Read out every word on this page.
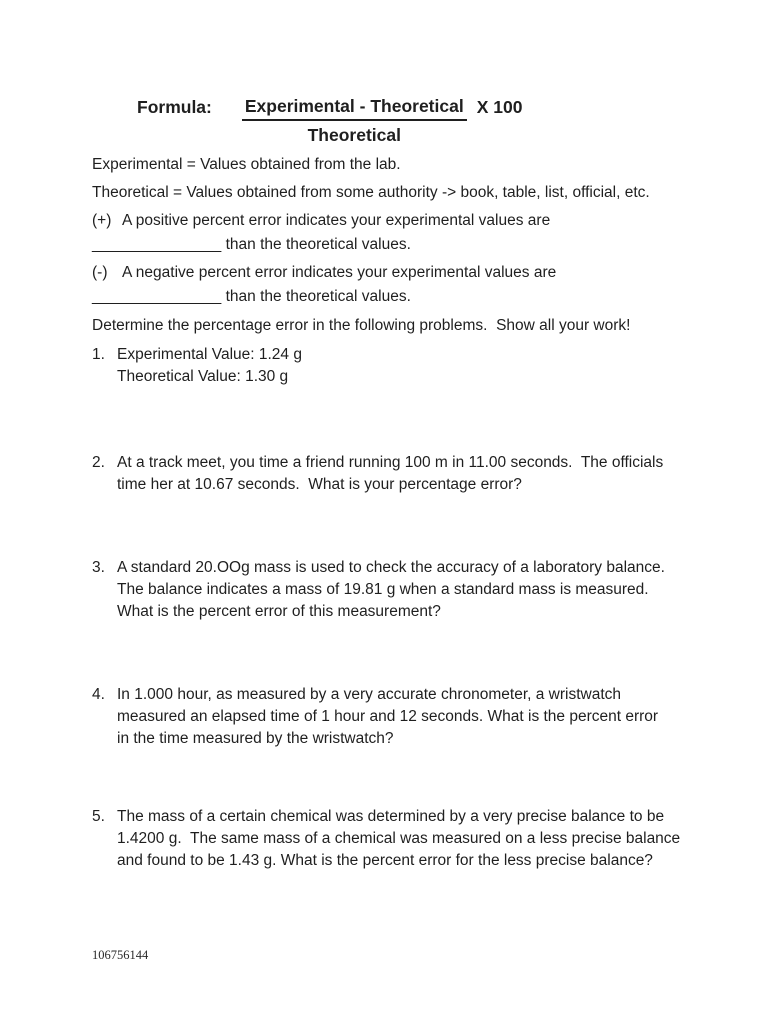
Formula: $\frac{\text{Experimental - Theoretical}}{\text{Theoretical}}$ X 100
Experimental = Values obtained from the lab.
Theoretical = Values obtained from some authority -> book, table, list, official, etc.
(+) A positive percent error indicates your experimental values are
_______________ than the theoretical values.
(-) A negative percent error indicates your experimental values are
_______________ than the theoretical values.
Determine the percentage error in the following problems.  Show all your work!
1. Experimental Value: 1.24 g
Theoretical Value: 1.30 g
2. At a track meet, you time a friend running 100 m in 11.00 seconds.  The officials
time her at 10.67 seconds.  What is your percentage error?
3. A standard 20.OOg mass is used to check the accuracy of a laboratory balance.
The balance indicates a mass of 19.81 g when a standard mass is measured.
What is the percent error of this measurement?
4. In 1.000 hour, as measured by a very accurate chronometer, a wristwatch
measured an elapsed time of 1 hour and 12 seconds. What is the percent error
in the time measured by the wristwatch?
5. The mass of a certain chemical was determined by a very precise balance to be
1.4200 g.  The same mass of a chemical was measured on a less precise balance
and found to be 1.43 g. What is the percent error for the less precise balance?
106756144
